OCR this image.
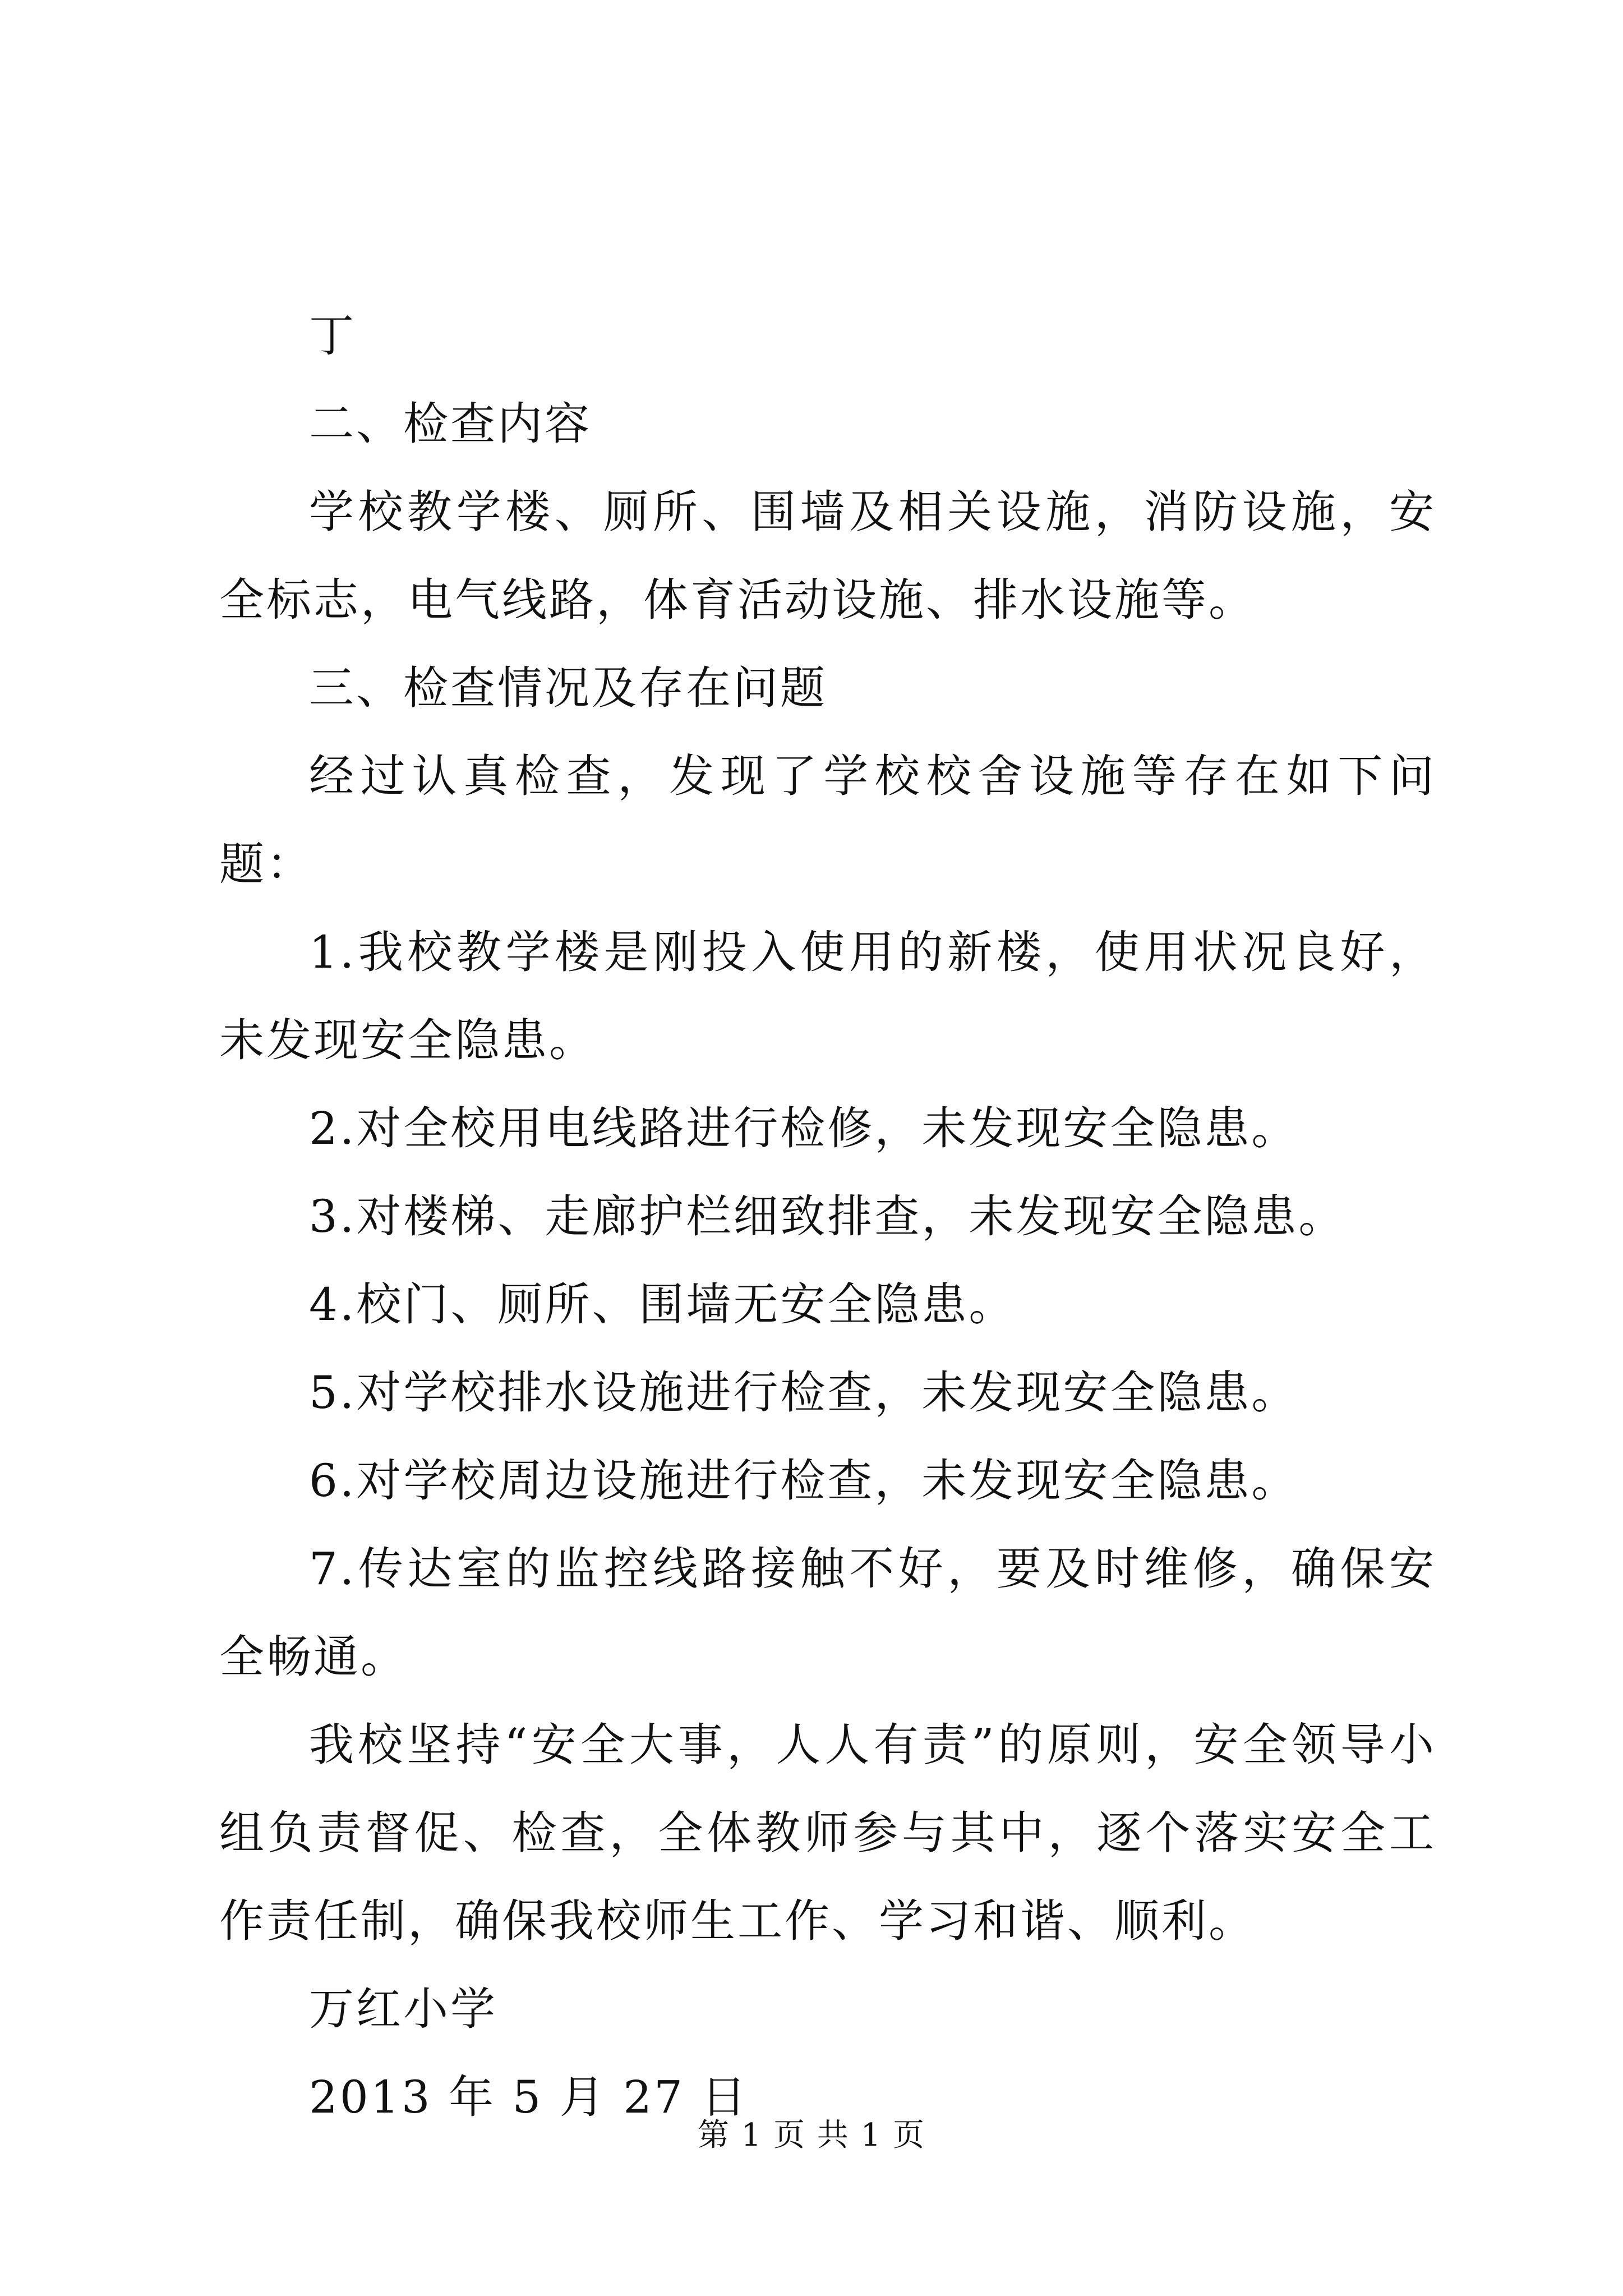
丁

二、检查内容

学校教学楼、厕所、围墙及相关设施，消防设施，安全标志，电气线路，体育活动设施、排水设施等。

三、检查情况及存在问题

经过认真检查，发现了学校校舍设施等存在如下问题：

1.我校教学楼是刚投入使用的新楼，使用状况良好，未发现安全隐患。

2.对全校用电线路进行检修，未发现安全隐患。

3.对楼梯、走廊护栏细致排查，未发现安全隐患。

4.校门、厕所、围墙无安全隐患。

5.对学校排水设施进行检查，未发现安全隐患。

6.对学校周边设施进行检查，未发现安全隐患。

7.传达室的监控线路接触不好，要及时维修，确保安全畅通。

我校坚持“安全大事，人人有责”的原则，安全领导小组负责督促、检查，全体教师参与其中，逐个落实安全工作责任制，确保我校师生工作、学习和谐、顺利。

万红小学

2013 年 5 月 27 日

第 1 页 共 1 页
